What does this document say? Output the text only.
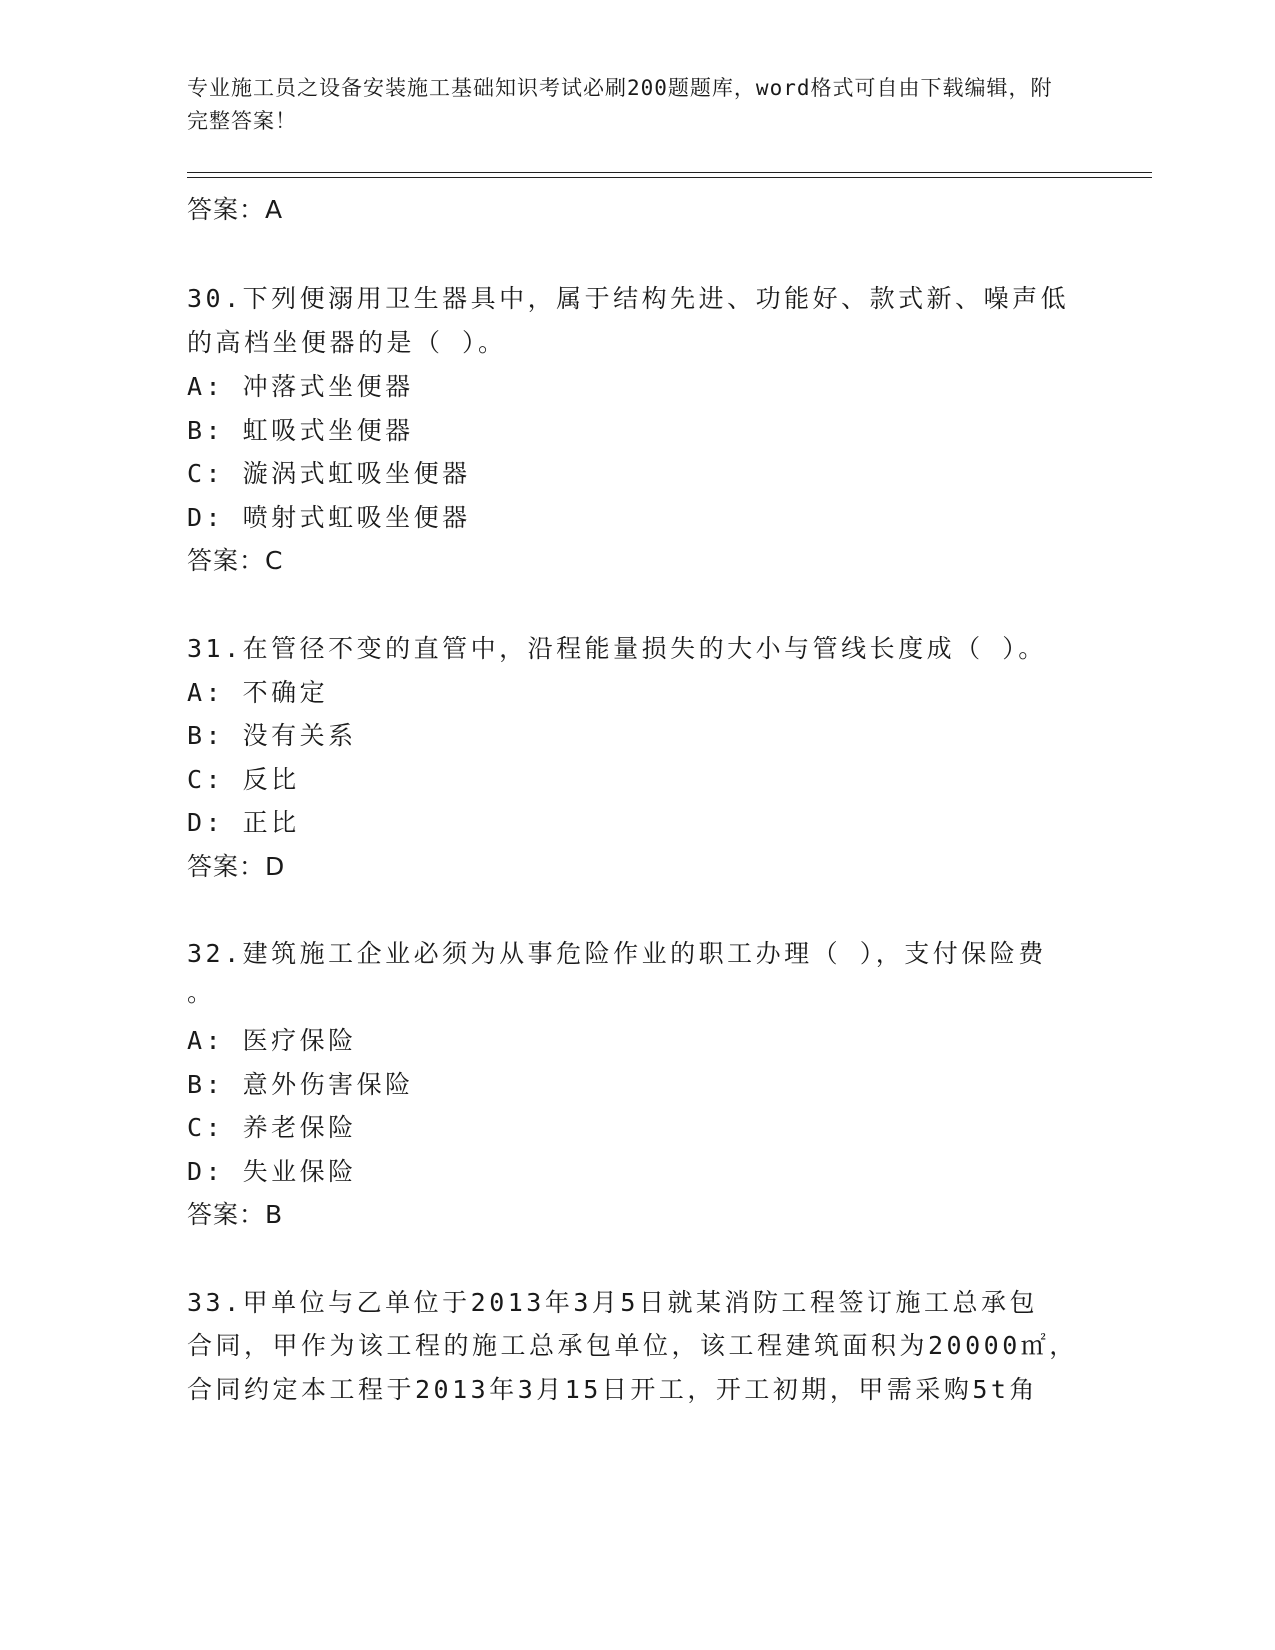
专业施工员之设备安装施工基础知识考试必刷200题题库，word格式可自由下载编辑，附完整答案！
答案：A
30.下列便溺用卫生器具中，属于结构先进、功能好、款式新、噪声低
的高档坐便器的是（ ）。
A: 冲落式坐便器
B: 虹吸式坐便器
C: 漩涡式虹吸坐便器
D: 喷射式虹吸坐便器
答案：C
31.在管径不变的直管中，沿程能量损失的大小与管线长度成（ ）。
A: 不确定
B: 没有关系
C: 反比
D: 正比
答案：D
32.建筑施工企业必须为从事危险作业的职工办理（ ），支付保险费
。
A: 医疗保险
B: 意外伤害保险
C: 养老保险
D: 失业保险
答案：B
33.甲单位与乙单位于2013年3月5日就某消防工程签订施工总承包
合同，甲作为该工程的施工总承包单位，该工程建筑面积为20000㎡，
合同约定本工程于2013年3月15日开工，开工初期，甲需采购5t角
